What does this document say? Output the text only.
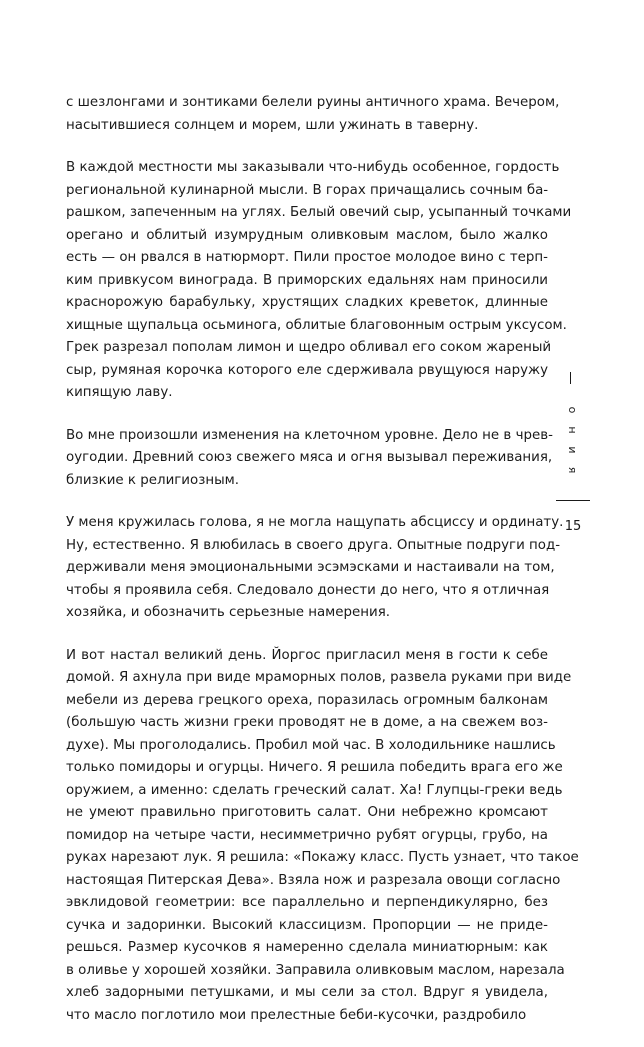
с шезлонгами и зонтиками белели руины античного храма. Вечером,
насытившиеся солнцем и морем, шли ужинать в таверну.

В каждой местности мы заказывали что-нибудь особенное, гордость
региональной кулинарной мысли. В горах причащались сочным ба-
рашком, запеченным на углях. Белый овечий сыр, усыпанный точками
орегано и облитый изумрудным оливковым маслом, было жалко
есть — он рвался в натюрморт. Пили простое молодое вино с терп-
ким привкусом винограда. В приморских едальнях нам приносили
краснорожую барабульку, хрустящих сладких креветок, длинные
хищные щупальца осьминога, облитые благовонным острым уксусом.
Грек разрезал пополам лимон и щедро обливал его соком жареный
сыр, румяная корочка которого еле сдерживала рвущуюся наружу
кипящую лаву.

Во мне произошли изменения на клеточном уровне. Дело не в чрев-
оугодии. Древний союз свежего мяса и огня вызывал переживания,
близкие к религиозным.

У меня кружилась голова, я не могла нащупать абсциссу и ординату.
Ну, естественно. Я влюбилась в своего друга. Опытные подруги под-
держивали меня эмоциональными эсэмэсками и настаивали на том,
чтобы я проявила себя. Следовало донести до него, что я отличная
хозяйка, и обозначить серьезные намерения.

И вот настал великий день. Йоргос пригласил меня в гости к себе
домой. Я ахнула при виде мраморных полов, развела руками при виде
мебели из дерева грецкого ореха, поразилась огромным балконам
(большую часть жизни греки проводят не в доме, а на свежем воз-
духе). Мы проголодались. Пробил мой час. В холодильнике нашлись
только помидоры и огурцы. Ничего. Я решила победить врага его же
оружием, а именно: сделать греческий салат. Ха! Глупцы-греки ведь
не умеют правильно приготовить салат. Они небрежно кромсают
помидор на четыре части, несимметрично рубят огурцы, грубо, на
руках нарезают лук. Я решила: «Покажу класс. Пусть узнает, что такое
настоящая Питерская Дева». Взяла нож и разрезала овощи согласно
эвклидовой геометрии: все параллельно и перпендикулярно, без
сучка и задоринки. Высокий классицизм. Пропорции — не придe-
решься. Размер кусочков я намеренно сделала миниатюрным: как
в оливье у хорошей хозяйки. Заправила оливковым маслом, нарезала
хлеб задорными петушками, и мы сели за стол. Вдруг я увидела,
что масло поглотило мои прелестные беби-кусочки, раздробило

о
н
и
я
15
